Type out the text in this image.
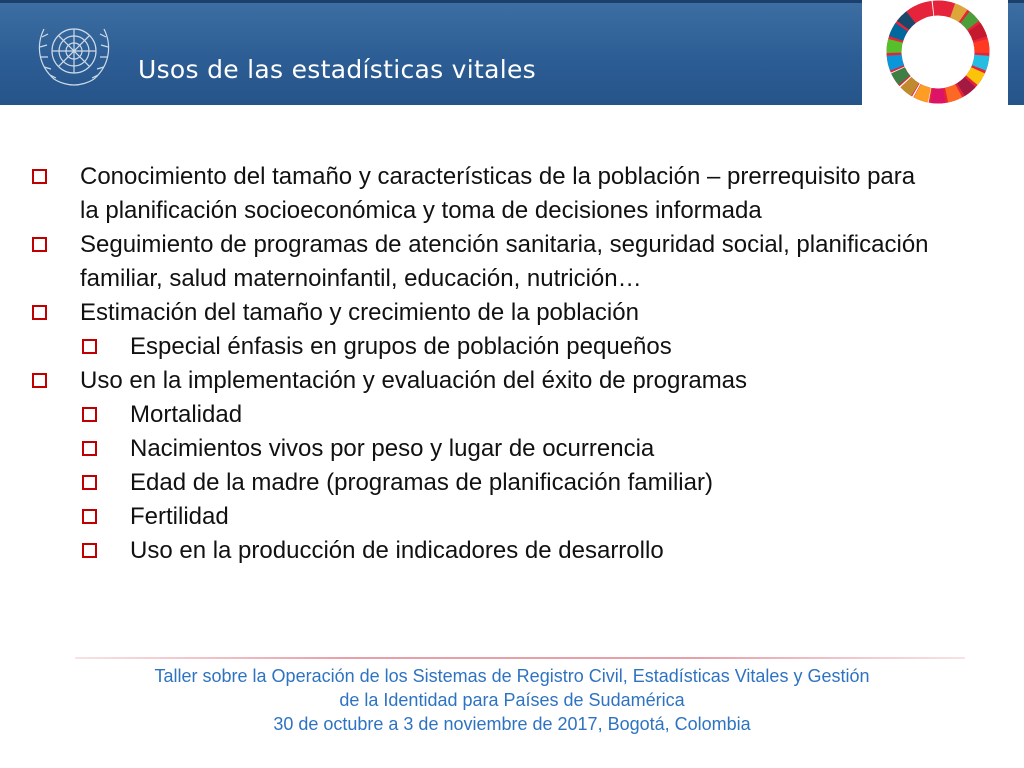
Usos de las estadísticas vitales
Conocimiento del tamaño y características de la población – prerrequisito para la planificación socioeconómica y toma de decisiones informada
Seguimiento de programas de atención sanitaria, seguridad social, planificación familiar, salud maternoinfantil, educación, nutrición…
Estimación del tamaño y crecimiento de la población
Especial énfasis en grupos de población pequeños
Uso en la implementación y evaluación del éxito de programas
Mortalidad
Nacimientos vivos por peso y lugar de ocurrencia
Edad de la madre (programas de planificación familiar)
Fertilidad
Uso en la producción de indicadores de desarrollo
Taller sobre la Operación de los Sistemas de Registro Civil, Estadísticas Vitales y Gestión
de la Identidad para Países de Sudamérica
30 de octubre a 3 de noviembre de 2017, Bogotá, Colombia
